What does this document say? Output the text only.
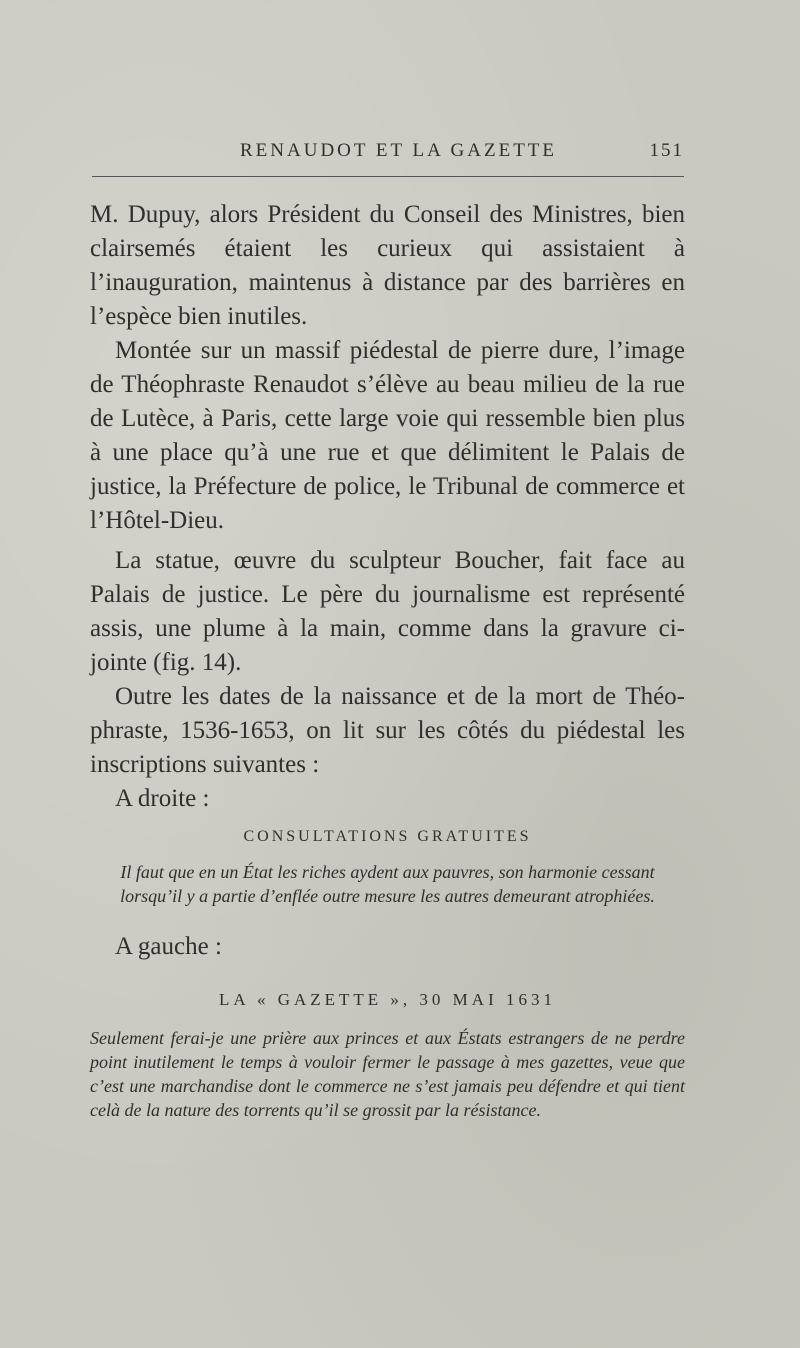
RENAUDOT ET LA GAZETTE	151

M. Dupuy, alors Président du Conseil des Ministres, bien clairsemés étaient les curieux qui assistaient à l’inauguration, maintenus à distance par des barrières en l’espèce bien inutiles.

Montée sur un massif piédestal de pierre dure, l’image de Théophraste Renaudot s’élève au beau milieu de la rue de Lutèce, à Paris, cette large voie qui ressemble bien plus à une place qu’à une rue et que délimitent le Palais de justice, la Préfecture de police, le Tribunal de commerce et l’Hôtel-Dieu.

La statue, œuvre du sculpteur Boucher, fait face au Palais de justice. Le père du journalisme est représenté assis, une plume à la main, comme dans la gravure ci-jointe (fig. 14).

Outre les dates de la naissance et de la mort de Théo-phraste, 1536-1653, on lit sur les côtés du piédestal les inscriptions suivantes :

A droite :

CONSULTATIONS GRATUITES

Il faut que en un État les riches aydent aux pauvres, son harmonie cessant lorsqu’il y a partie d’enflée outre mesure les autres demeurant atrophiées.

A gauche :

LA « GAZETTE », 30 MAI 1631

Seulement ferai-je une prière aux princes et aux Éstats estrangers de ne perdre point inutilement le temps à vouloir fermer le passage à mes gazettes, veue que c’est une marchandise dont le commerce ne s’est jamais peu défendre et qui tient celà de la nature des torrents qu’il se grossit par la résistance.
